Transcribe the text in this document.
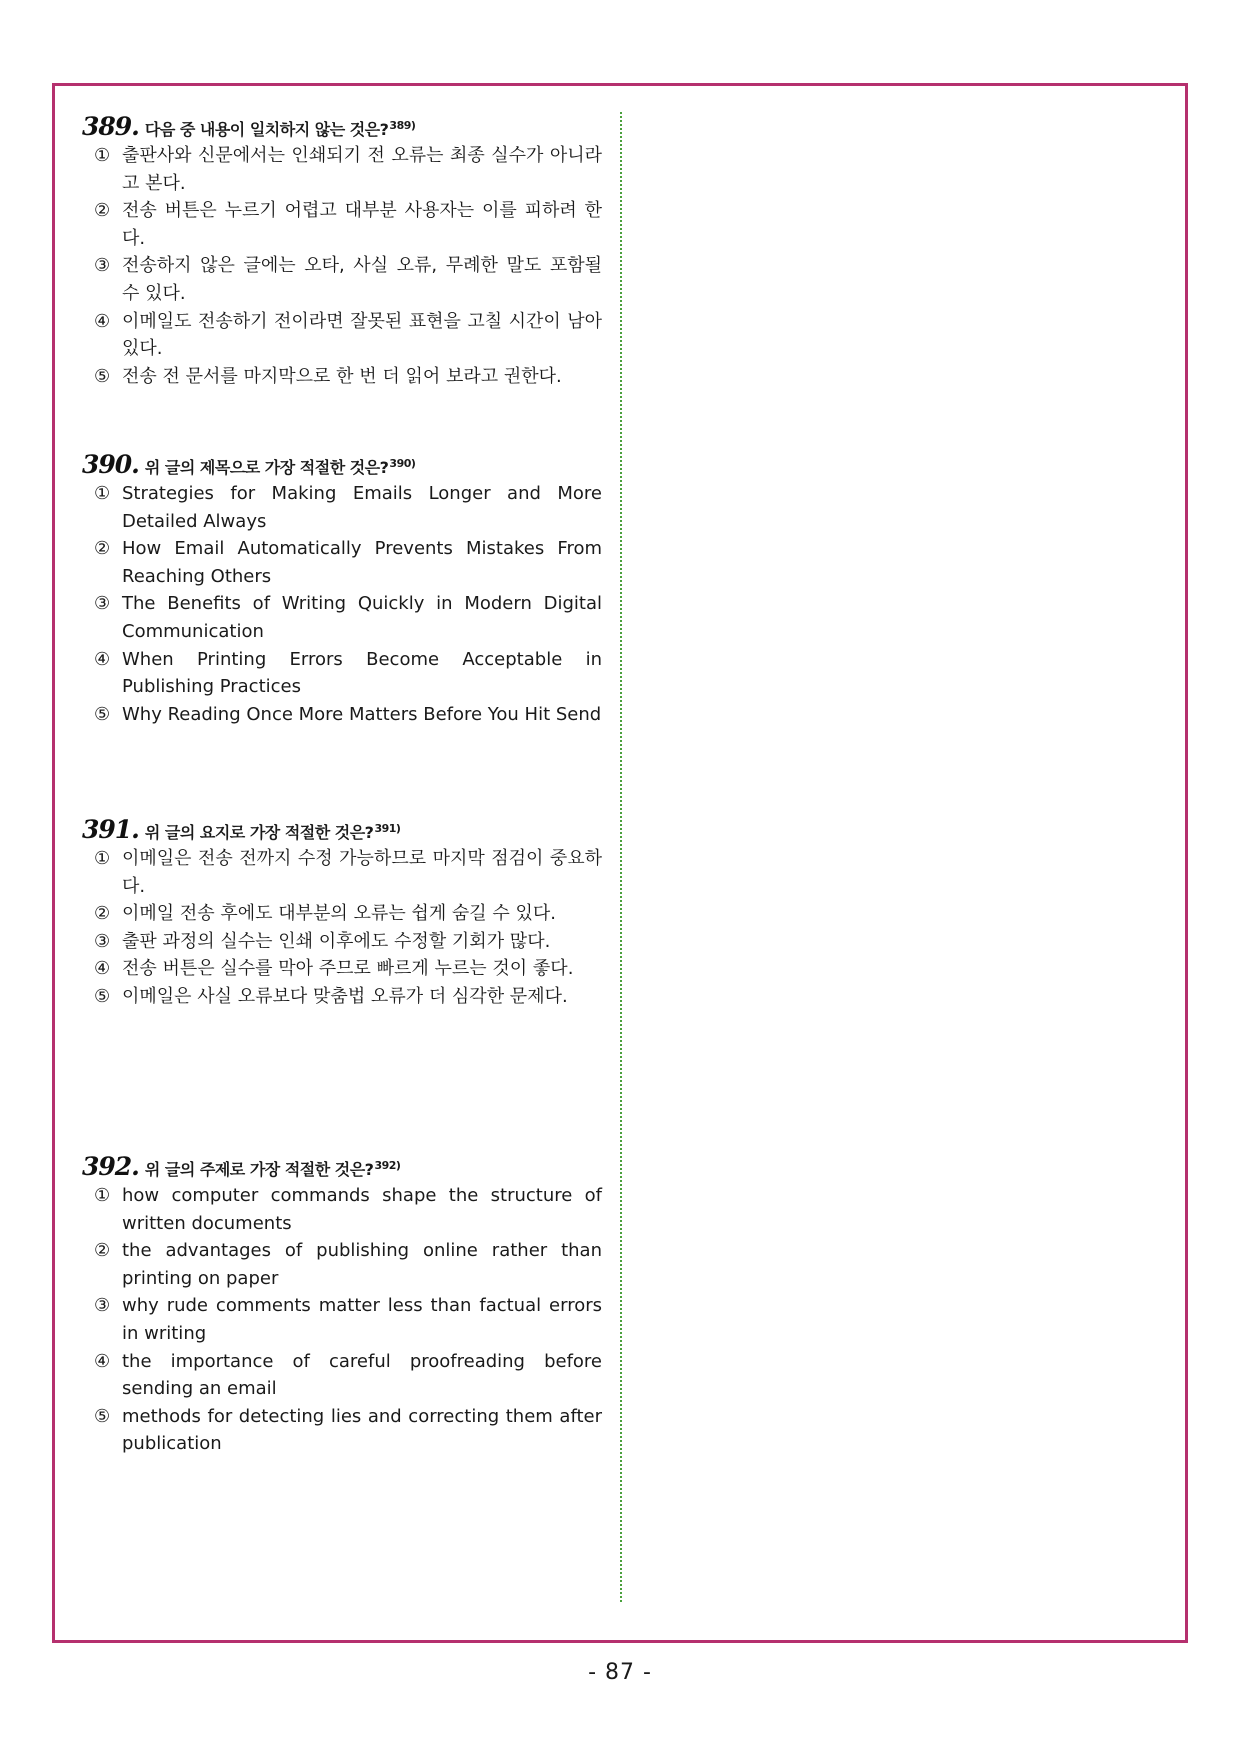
389. 다음 중 내용이 일치하지 않는 것은?$^{389)}$
① 출판사와 신문에서는 인쇄되기 전 오류는 최종 실수가 아니라고 본다.
② 전송 버튼은 누르기 어렵고 대부분 사용자는 이를 피하려 한다.
③ 전송하지 않은 글에는 오타, 사실 오류, 무례한 말도 포함될 수 있다.
④ 이메일도 전송하기 전이라면 잘못된 표현을 고칠 시간이 남아 있다.
⑤ 전송 전 문서를 마지막으로 한 번 더 읽어 보라고 권한다.
390. 위 글의 제목으로 가장 적절한 것은?$^{390)}$
① Strategies for Making Emails Longer and More Detailed Always
② How Email Automatically Prevents Mistakes From Reaching Others
③ The Benefits of Writing Quickly in Modern Digital Communication
④ When Printing Errors Become Acceptable in Publishing Practices
⑤ Why Reading Once More Matters Before You Hit Send
391. 위 글의 요지로 가장 적절한 것은?$^{391)}$
① 이메일은 전송 전까지 수정 가능하므로 마지막 점검이 중요하다.
② 이메일 전송 후에도 대부분의 오류는 쉽게 숨길 수 있다.
③ 출판 과정의 실수는 인쇄 이후에도 수정할 기회가 많다.
④ 전송 버튼은 실수를 막아 주므로 빠르게 누르는 것이 좋다.
⑤ 이메일은 사실 오류보다 맞춤법 오류가 더 심각한 문제다.
392. 위 글의 주제로 가장 적절한 것은?$^{392)}$
① how computer commands shape the structure of written documents
② the advantages of publishing online rather than printing on paper
③ why rude comments matter less than factual errors in writing
④ the importance of careful proofreading before sending an email
⑤ methods for detecting lies and correcting them after publication
- 87 -
